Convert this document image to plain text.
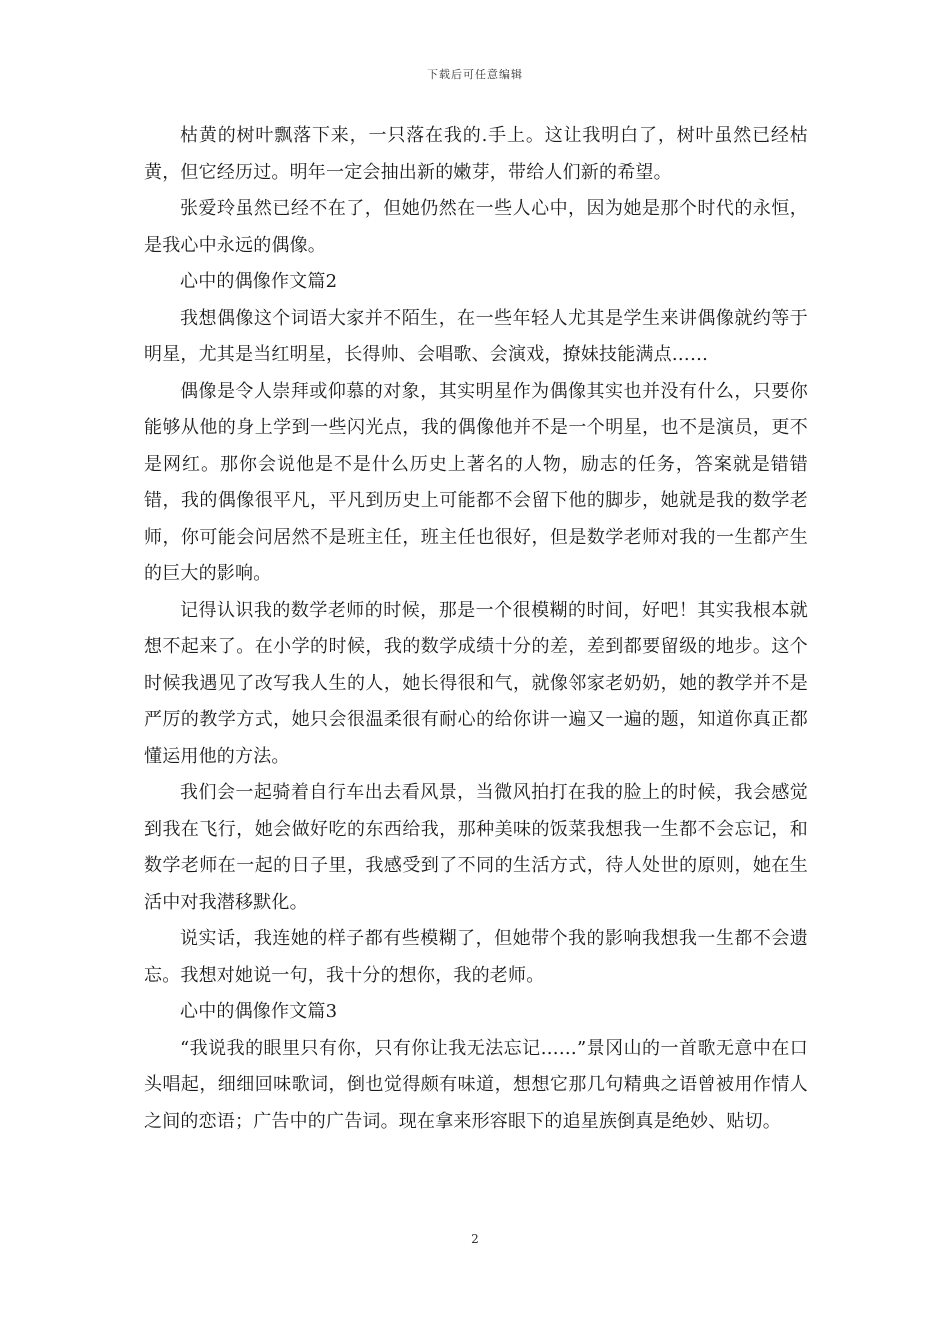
下载后可任意编辑

枯黄的树叶飘落下来，一只落在我的.手上。这让我明白了，树叶虽然已经枯黄，但它经历过。明年一定会抽出新的嫩芽，带给人们新的希望。

张爱玲虽然已经不在了，但她仍然在一些人心中，因为她是那个时代的永恒，是我心中永远的偶像。

心中的偶像作文篇2

我想偶像这个词语大家并不陌生，在一些年轻人尤其是学生来讲偶像就约等于明星，尤其是当红明星，长得帅、会唱歌、会演戏，撩妹技能满点……

偶像是令人崇拜或仰慕的对象，其实明星作为偶像其实也并没有什么，只要你能够从他的身上学到一些闪光点，我的偶像他并不是一个明星，也不是演员，更不是网红。那你会说他是不是什么历史上著名的人物，励志的任务，答案就是错错错，我的偶像很平凡，平凡到历史上可能都不会留下他的脚步，她就是我的数学老师，你可能会问居然不是班主任，班主任也很好，但是数学老师对我的一生都产生的巨大的影响。

记得认识我的数学老师的时候，那是一个很模糊的时间，好吧！其实我根本就想不起来了。在小学的时候，我的数学成绩十分的差，差到都要留级的地步。这个时候我遇见了改写我人生的人，她长得很和气，就像邻家老奶奶，她的教学并不是严厉的教学方式，她只会很温柔很有耐心的给你讲一遍又一遍的题，知道你真正都懂运用他的方法。

我们会一起骑着自行车出去看风景，当微风拍打在我的脸上的时候，我会感觉到我在飞行，她会做好吃的东西给我，那种美味的饭菜我想我一生都不会忘记，和数学老师在一起的日子里，我感受到了不同的生活方式，待人处世的原则，她在生活中对我潜移默化。

说实话，我连她的样子都有些模糊了，但她带个我的影响我想我一生都不会遗忘。我想对她说一句，我十分的想你，我的老师。

心中的偶像作文篇3

“我说我的眼里只有你，只有你让我无法忘记……”景冈山的一首歌无意中在口头唱起，细细回味歌词，倒也觉得颇有味道，想想它那几句精典之语曾被用作情人之间的恋语；广告中的广告词。现在拿来形容眼下的追星族倒真是绝妙、贴切。

2
